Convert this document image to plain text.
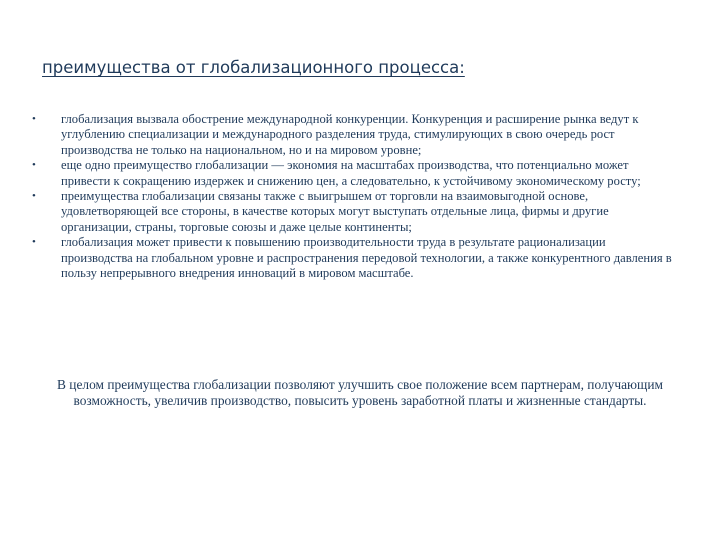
преимущества от глобализационного процесса:
• глобализация вызвала обострение международной конкуренции. Конкуренция и расширение рынка ведут к углублению специализации и международного разделения труда, стимулирующих в свою очередь рост производства не только на национальном, но и на мировом уровне;
• еще одно преимущество глобализации — экономия на масштабах производства, что потенциально может привести к сокращению издержек и снижению цен, а следовательно, к устойчивому экономическому росту;
• преимущества глобализации связаны также с выигрышем от торговли на взаимовыгодной основе, удовлетворяющей все стороны, в качестве которых могут выступать отдельные лица, фирмы и другие организации, страны, торговые союзы и даже целые континенты;
• глобализация может привести к повышению производительности труда в результате рационализации производства на глобальном уровне и распространения передовой технологии, а также конкурентного давления в пользу непрерывного внедрения инноваций в мировом масштабе.

В целом преимущества глобализации позволяют улучшить свое положение всем партнерам, получающим возможность, увеличив производство, повысить уровень заработной платы и жизненные стандарты.
